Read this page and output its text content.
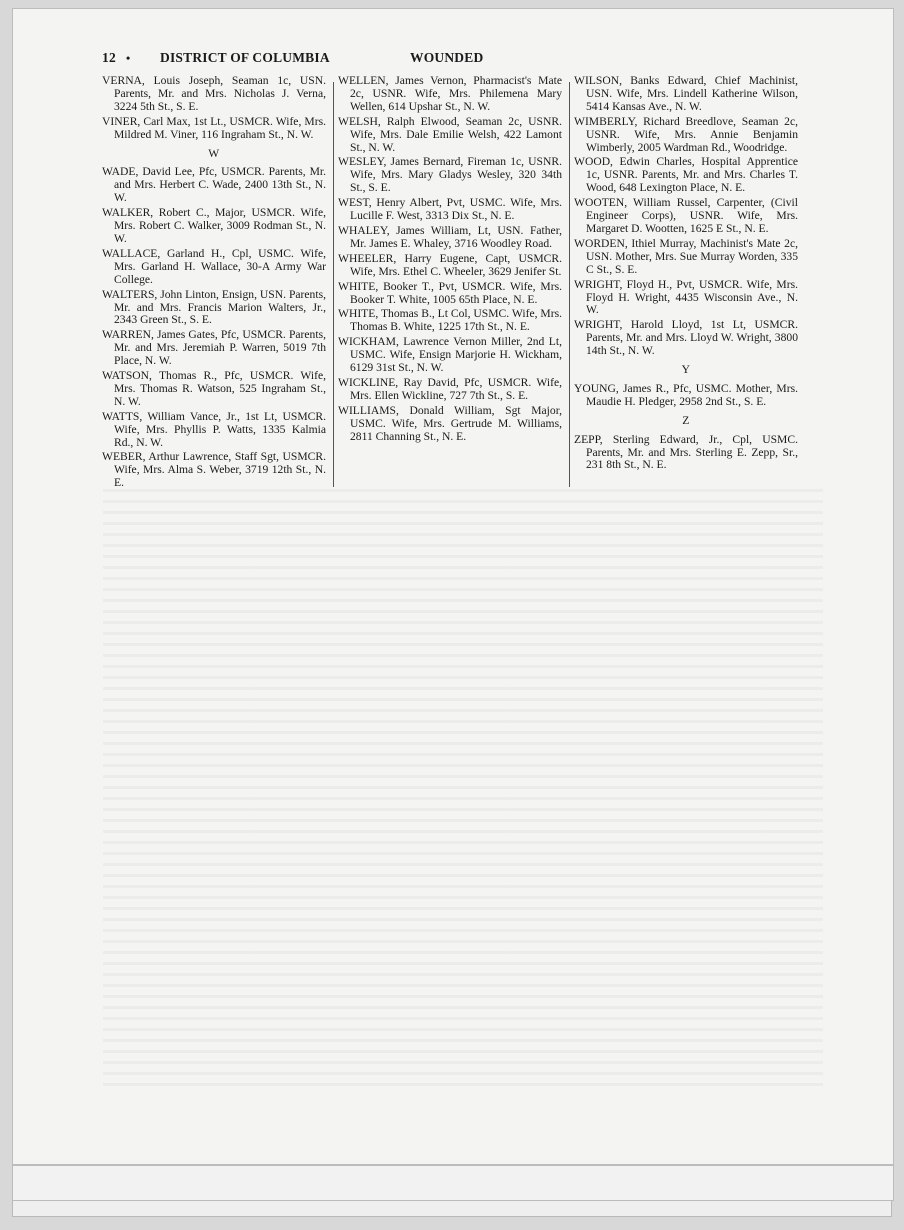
12 • DISTRICT OF COLUMBIA	WOUNDED

VERNA, Louis Joseph, Seaman 1c, USN. Parents, Mr. and Mrs. Nicholas J. Verna, 3224 5th St., S. E.

VINER, Carl Max, 1st Lt., USMCR. Wife, Mrs. Mildred M. Viner, 116 Ingraham St., N. W.

W

WADE, David Lee, Pfc, USMCR. Parents, Mr. and Mrs. Herbert C. Wade, 2400 13th St., N. W.

WALKER, Robert C., Major, USMCR. Wife, Mrs. Robert C. Walker, 3009 Rodman St., N. W.

WALLACE, Garland H., Cpl, USMC. Wife, Mrs. Garland H. Wallace, 30-A Army War College.

WALTERS, John Linton, Ensign, USN. Parents, Mr. and Mrs. Francis Marion Walters, Jr., 2343 Green St., S. E.

WARREN, James Gates, Pfc, USMCR. Parents, Mr. and Mrs. Jeremiah P. Warren, 5019 7th Place, N. W.

WATSON, Thomas R., Pfc, USMCR. Wife, Mrs. Thomas R. Watson, 525 Ingraham St., N. W.

WATTS, William Vance, Jr., 1st Lt, USMCR. Wife, Mrs. Phyllis P. Watts, 1335 Kalmia Rd., N. W.

WEBER, Arthur Lawrence, Staff Sgt, USMCR. Wife, Mrs. Alma S. Weber, 3719 12th St., N. E.

WELLEN, James Vernon, Pharmacist's Mate 2c, USNR. Wife, Mrs. Philemena Mary Wellen, 614 Upshar St., N. W.

WELSH, Ralph Elwood, Seaman 2c, USNR. Wife, Mrs. Dale Emilie Welsh, 422 Lamont St., N. W.

WESLEY, James Bernard, Fireman 1c, USNR. Wife, Mrs. Mary Gladys Wesley, 320 34th St., S. E.

WEST, Henry Albert, Pvt, USMC. Wife, Mrs. Lucille F. West, 3313 Dix St., N. E.

WHALEY, James William, Lt, USN. Father, Mr. James E. Whaley, 3716 Woodley Road.

WHEELER, Harry Eugene, Capt, USMCR. Wife, Mrs. Ethel C. Wheeler, 3629 Jenifer St.

WHITE, Booker T., Pvt, USMCR. Wife, Mrs. Booker T. White, 1005 65th Place, N. E.

WHITE, Thomas B., Lt Col, USMC. Wife, Mrs. Thomas B. White, 1225 17th St., N. E.

WICKHAM, Lawrence Vernon Miller, 2nd Lt, USMC. Wife, Ensign Marjorie H. Wickham, 6129 31st St., N. W.

WICKLINE, Ray David, Pfc, USMCR. Wife, Mrs. Ellen Wickline, 727 7th St., S. E.

WILLIAMS, Donald William, Sgt Major, USMC. Wife, Mrs. Gertrude M. Williams, 2811 Channing St., N. E.

WILSON, Banks Edward, Chief Machinist, USN. Wife, Mrs. Lindell Katherine Wilson, 5414 Kansas Ave., N. W.

WIMBERLY, Richard Breedlove, Seaman 2c, USNR. Wife, Mrs. Annie Benjamin Wimberly, 2005 Wardman Rd., Woodridge.

WOOD, Edwin Charles, Hospital Apprentice 1c, USNR. Parents, Mr. and Mrs. Charles T. Wood, 648 Lexington Place, N. E.

WOOTEN, William Russel, Carpenter, (Civil Engineer Corps), USNR. Wife, Mrs. Margaret D. Wootten, 1625 E St., N. E.

WORDEN, Ithiel Murray, Machinist's Mate 2c, USN. Mother, Mrs. Sue Murray Worden, 335 C St., S. E.

WRIGHT, Floyd H., Pvt, USMCR. Wife, Mrs. Floyd H. Wright, 4435 Wisconsin Ave., N. W.

WRIGHT, Harold Lloyd, 1st Lt, USMCR. Parents, Mr. and Mrs. Lloyd W. Wright, 3800 14th St., N. W.

Y

YOUNG, James R., Pfc, USMC. Mother, Mrs. Maudie H. Pledger, 2958 2nd St., S. E.

Z

ZEPP, Sterling Edward, Jr., Cpl, USMC. Parents, Mr. and Mrs. Sterling E. Zepp, Sr., 231 8th St., N. E.
